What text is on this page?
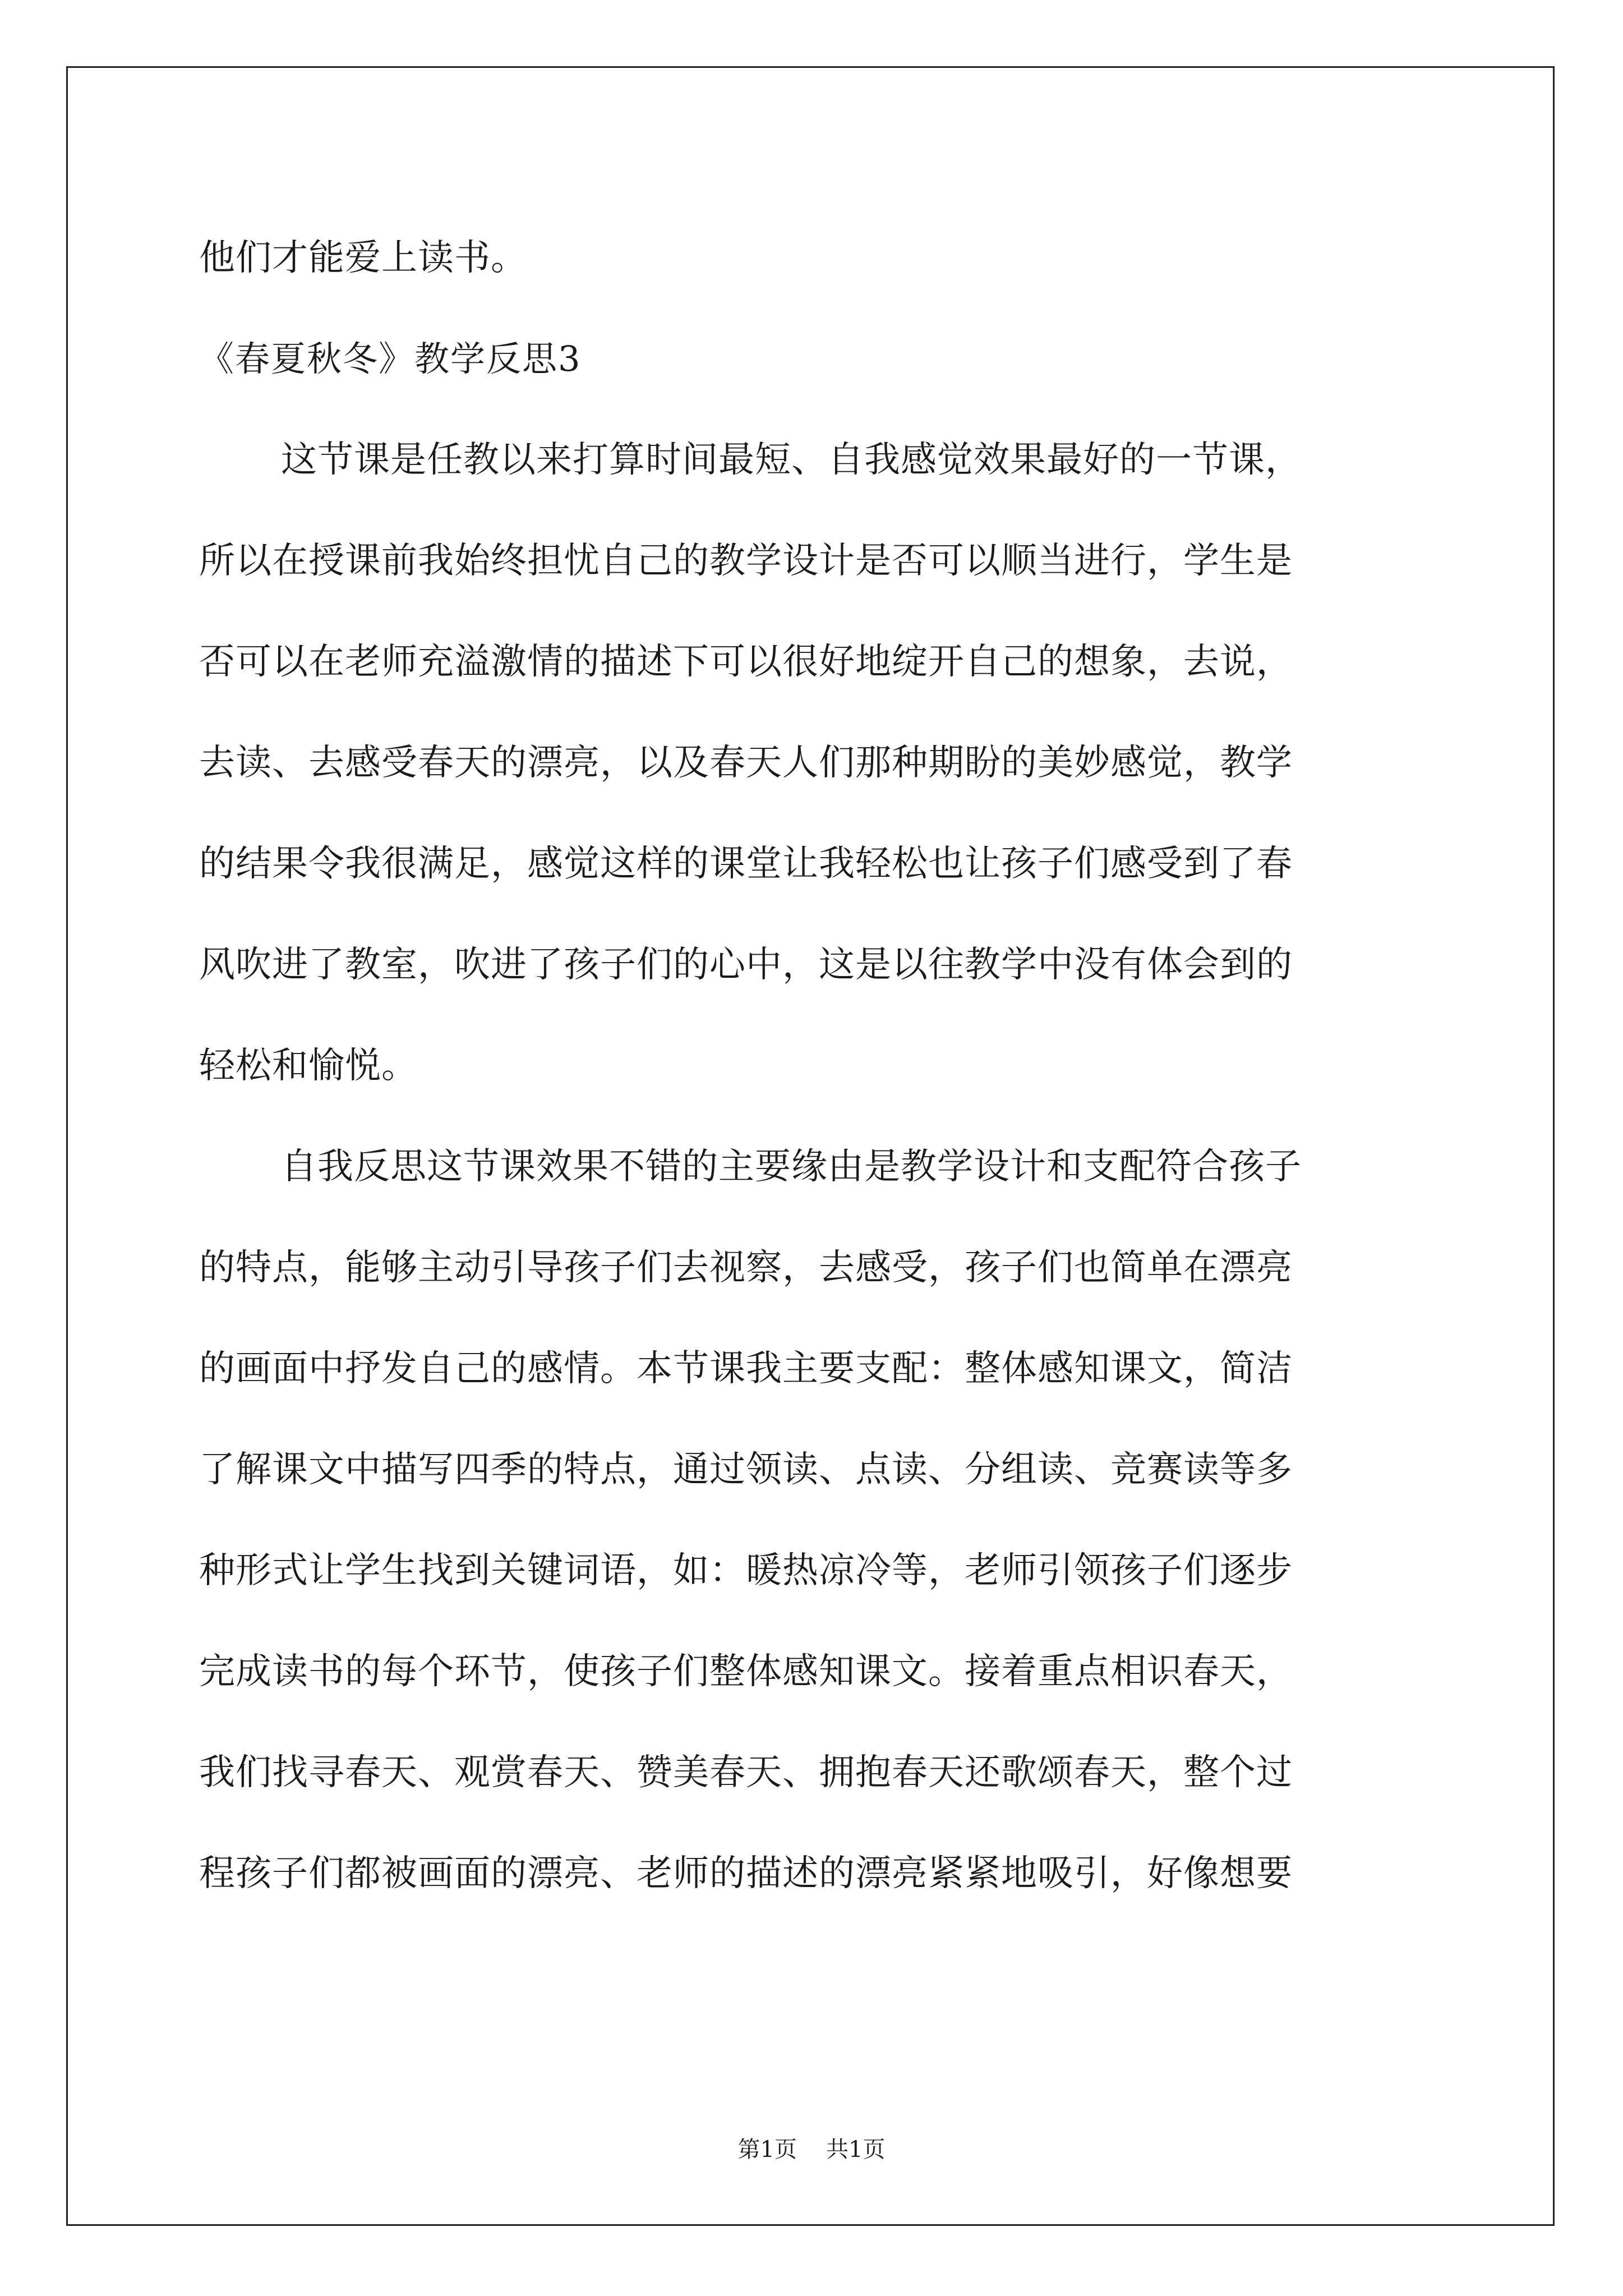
他们才能爱上读书。
《春夏秋冬》教学反思3
这节课是任教以来打算时间最短、自我感觉效果最好的一节课，
所以在授课前我始终担忧自己的教学设计是否可以顺当进行，学生是
否可以在老师充溢激情的描述下可以很好地绽开自己的想象，去说，
去读、去感受春天的漂亮，以及春天人们那种期盼的美妙感觉，教学
的结果令我很满足，感觉这样的课堂让我轻松也让孩子们感受到了春
风吹进了教室，吹进了孩子们的心中，这是以往教学中没有体会到的
轻松和愉悦。
自我反思这节课效果不错的主要缘由是教学设计和支配符合孩子
的特点，能够主动引导孩子们去视察，去感受，孩子们也简单在漂亮
的画面中抒发自己的感情。本节课我主要支配：整体感知课文，简洁
了解课文中描写四季的特点，通过领读、点读、分组读、竞赛读等多
种形式让学生找到关键词语，如：暖热凉冷等，老师引领孩子们逐步
完成读书的每个环节，使孩子们整体感知课文。接着重点相识春天，
我们找寻春天、观赏春天、赞美春天、拥抱春天还歌颂春天，整个过
程孩子们都被画面的漂亮、老师的描述的漂亮紧紧地吸引，好像想要
第1页 共1页
